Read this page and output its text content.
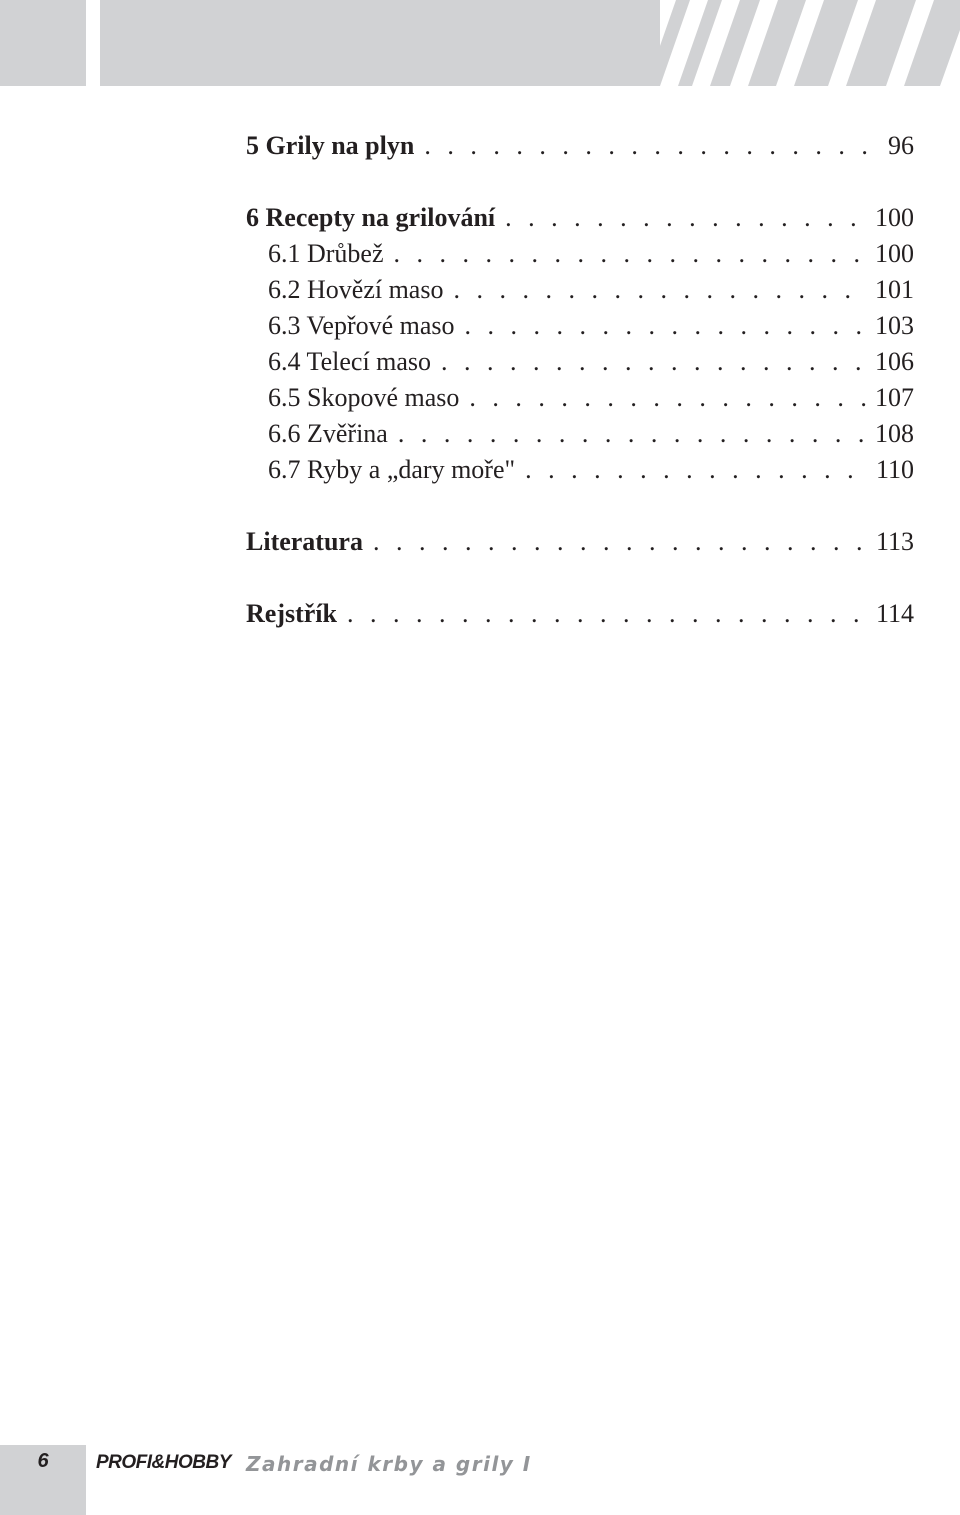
5 Grily na plyn . . .	96
6 Recepty na grilování . . .	100
6.1 Drůbež . . .	100
6.2 Hovězí maso . . .	101
6.3 Vepřové maso . . .	103
6.4 Telecí maso . . .	106
6.5 Skopové maso . . .	107
6.6 Zvěřina . . .	108
6.7 Ryby a „dary moře" . . .	110
Literatura . . .	113
Rejstřík . . .	114
6	PROFI&HOBBY Zahradní krby a grily I
